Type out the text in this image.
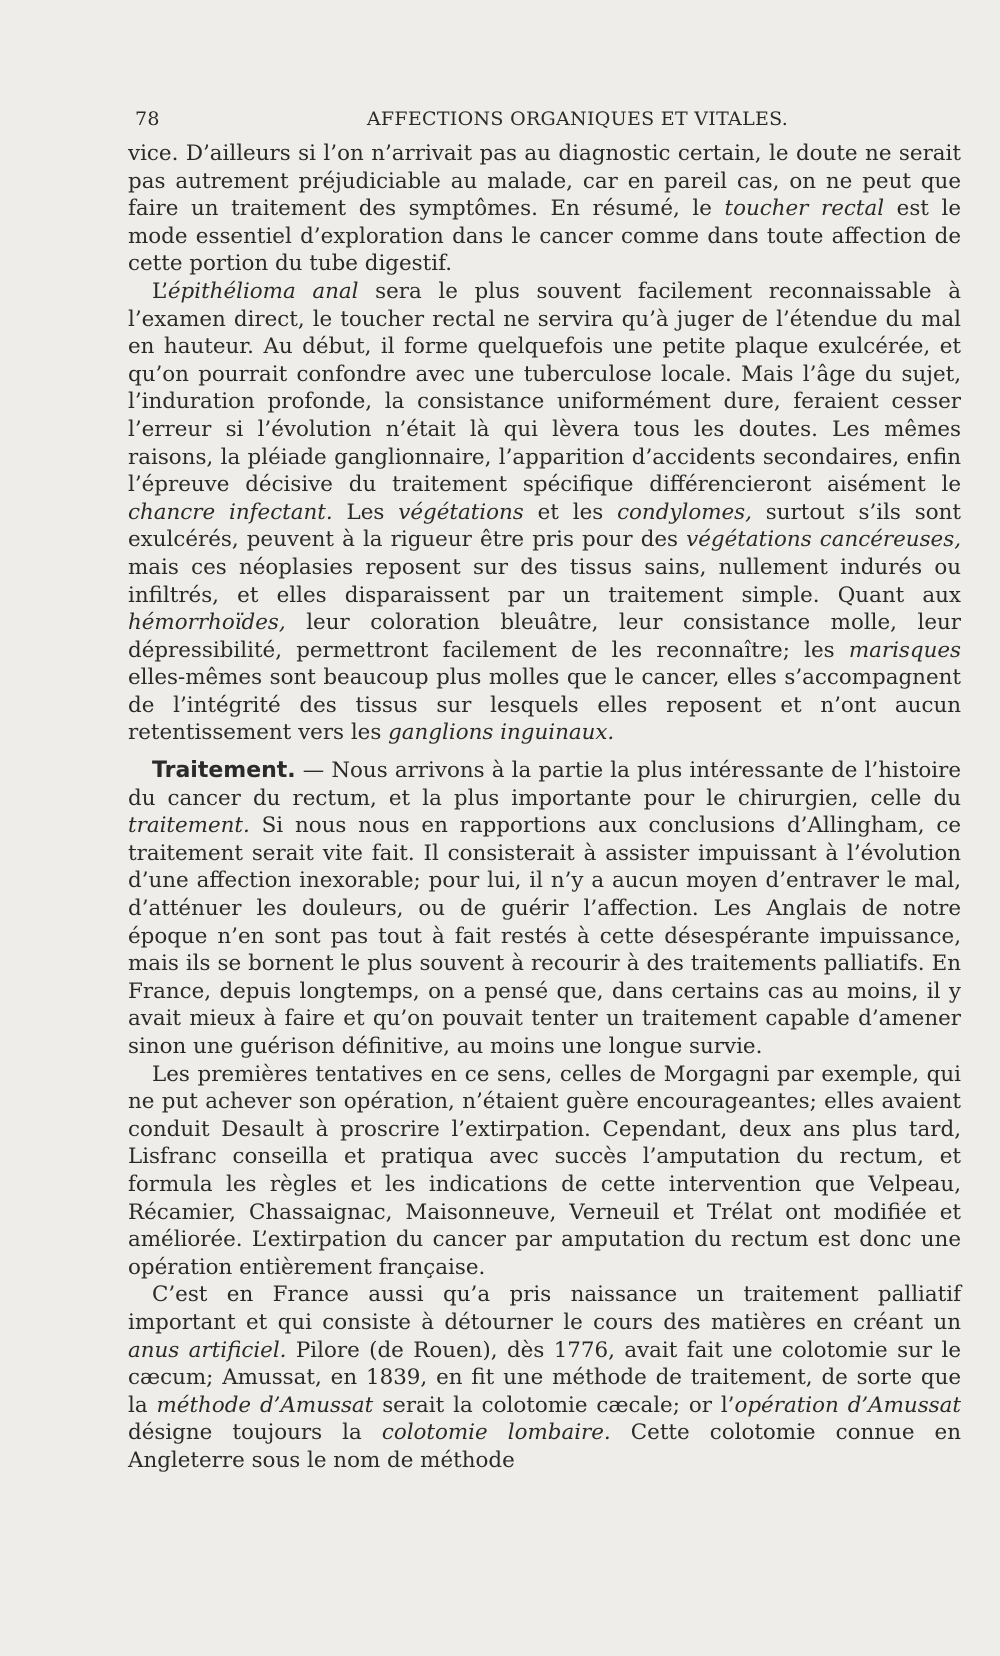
78	AFFECTIONS ORGANIQUES ET VITALES.

vice. D’ailleurs si l’on n’arrivait pas au diagnostic certain, le doute ne serait pas autrement préjudiciable au malade, car en pareil cas, on ne peut que faire un traitement des symptômes. En résumé, le toucher rectal est le mode essentiel d’exploration dans le cancer comme dans toute affection de cette portion du tube digestif.

L’épithélioma anal sera le plus souvent facilement reconnaissable à l’examen direct, le toucher rectal ne servira qu’à juger de l’étendue du mal en hauteur. Au début, il forme quelquefois une petite plaque exulcérée, et qu’on pourrait confondre avec une tuberculose locale. Mais l’âge du sujet, l’induration profonde, la consistance uniformément dure, feraient cesser l’erreur si l’évolution n’était là qui lèvera tous les doutes. Les mêmes raisons, la pléiade ganglionnaire, l’apparition d’accidents secondaires, enfin l’épreuve décisive du traitement spécifique différencieront aisément le chancre infectant. Les végétations et les condylomes, surtout s’ils sont exulcérés, peuvent à la rigueur être pris pour des végétations cancéreuses, mais ces néoplasies reposent sur des tissus sains, nullement indurés ou infiltrés, et elles disparaissent par un traitement simple. Quant aux hémorrhoïdes, leur coloration bleuâtre, leur consistance molle, leur dépressibilité, permettront facilement de les reconnaître; les marisques elles-mêmes sont beaucoup plus molles que le cancer, elles s’accompagnent de l’intégrité des tissus sur lesquels elles reposent et n’ont aucun retentissement vers les ganglions inguinaux.

Traitement. — Nous arrivons à la partie la plus intéressante de l’histoire du cancer du rectum, et la plus importante pour le chirurgien, celle du traitement. Si nous nous en rapportions aux conclusions d’Allingham, ce traitement serait vite fait. Il consisterait à assister impuissant à l’évolution d’une affection inexorable; pour lui, il n’y a aucun moyen d’entraver le mal, d’atténuer les douleurs, ou de guérir l’affection. Les Anglais de notre époque n’en sont pas tout à fait restés à cette désespérante impuissance, mais ils se bornent le plus souvent à recourir à des traitements palliatifs. En France, depuis longtemps, on a pensé que, dans certains cas au moins, il y avait mieux à faire et qu’on pouvait tenter un traitement capable d’amener sinon une guérison définitive, au moins une longue survie.

Les premières tentatives en ce sens, celles de Morgagni par exemple, qui ne put achever son opération, n’étaient guère encourageantes; elles avaient conduit Desault à proscrire l’extirpation. Cependant, deux ans plus tard, Lisfranc conseilla et pratiqua avec succès l’amputation du rectum, et formula les règles et les indications de cette intervention que Velpeau, Récamier, Chassaignac, Maisonneuve, Verneuil et Trélat ont modifiée et améliorée. L’extirpation du cancer par amputation du rectum est donc une opération entièrement française.

C’est en France aussi qu’a pris naissance un traitement palliatif important et qui consiste à détourner le cours des matières en créant un anus artificiel. Pilore (de Rouen), dès 1776, avait fait une colotomie sur le cæcum; Amussat, en 1839, en fit une méthode de traitement, de sorte que la méthode d’Amussat serait la colotomie cæcale; or l’opération d’Amussat désigne toujours la colotomie lombaire. Cette colotomie connue en Angleterre sous le nom de méthode
